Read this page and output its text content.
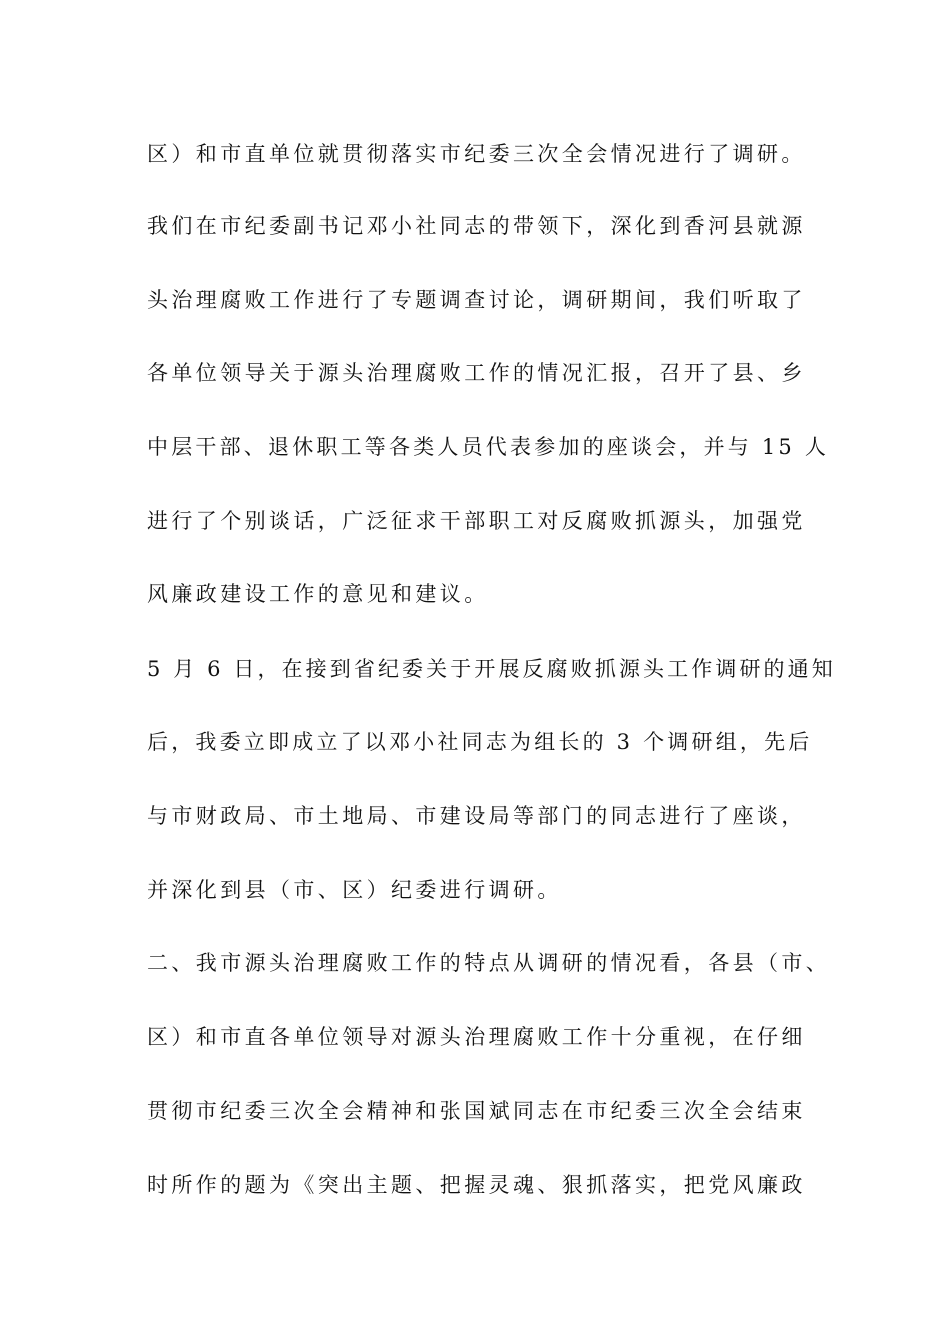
区）和市直单位就贯彻落实市纪委三次全会情况进行了调研。
我们在市纪委副书记邓小社同志的带领下，深化到香河县就源
头治理腐败工作进行了专题调查讨论，调研期间，我们听取了
各单位领导关于源头治理腐败工作的情况汇报，召开了县、乡
中层干部、退休职工等各类人员代表参加的座谈会，并与 15 人
进行了个别谈话，广泛征求干部职工对反腐败抓源头，加强党
风廉政建设工作的意见和建议。
5 月 6 日，在接到省纪委关于开展反腐败抓源头工作调研的通知
后，我委立即成立了以邓小社同志为组长的 3 个调研组，先后
与市财政局、市土地局、市建设局等部门的同志进行了座谈，
并深化到县（市、区）纪委进行调研。
二、我市源头治理腐败工作的特点从调研的情况看，各县（市、
区）和市直各单位领导对源头治理腐败工作十分重视，在仔细
贯彻市纪委三次全会精神和张国斌同志在市纪委三次全会结束
时所作的题为《突出主题、把握灵魂、狠抓落实，把党风廉政
